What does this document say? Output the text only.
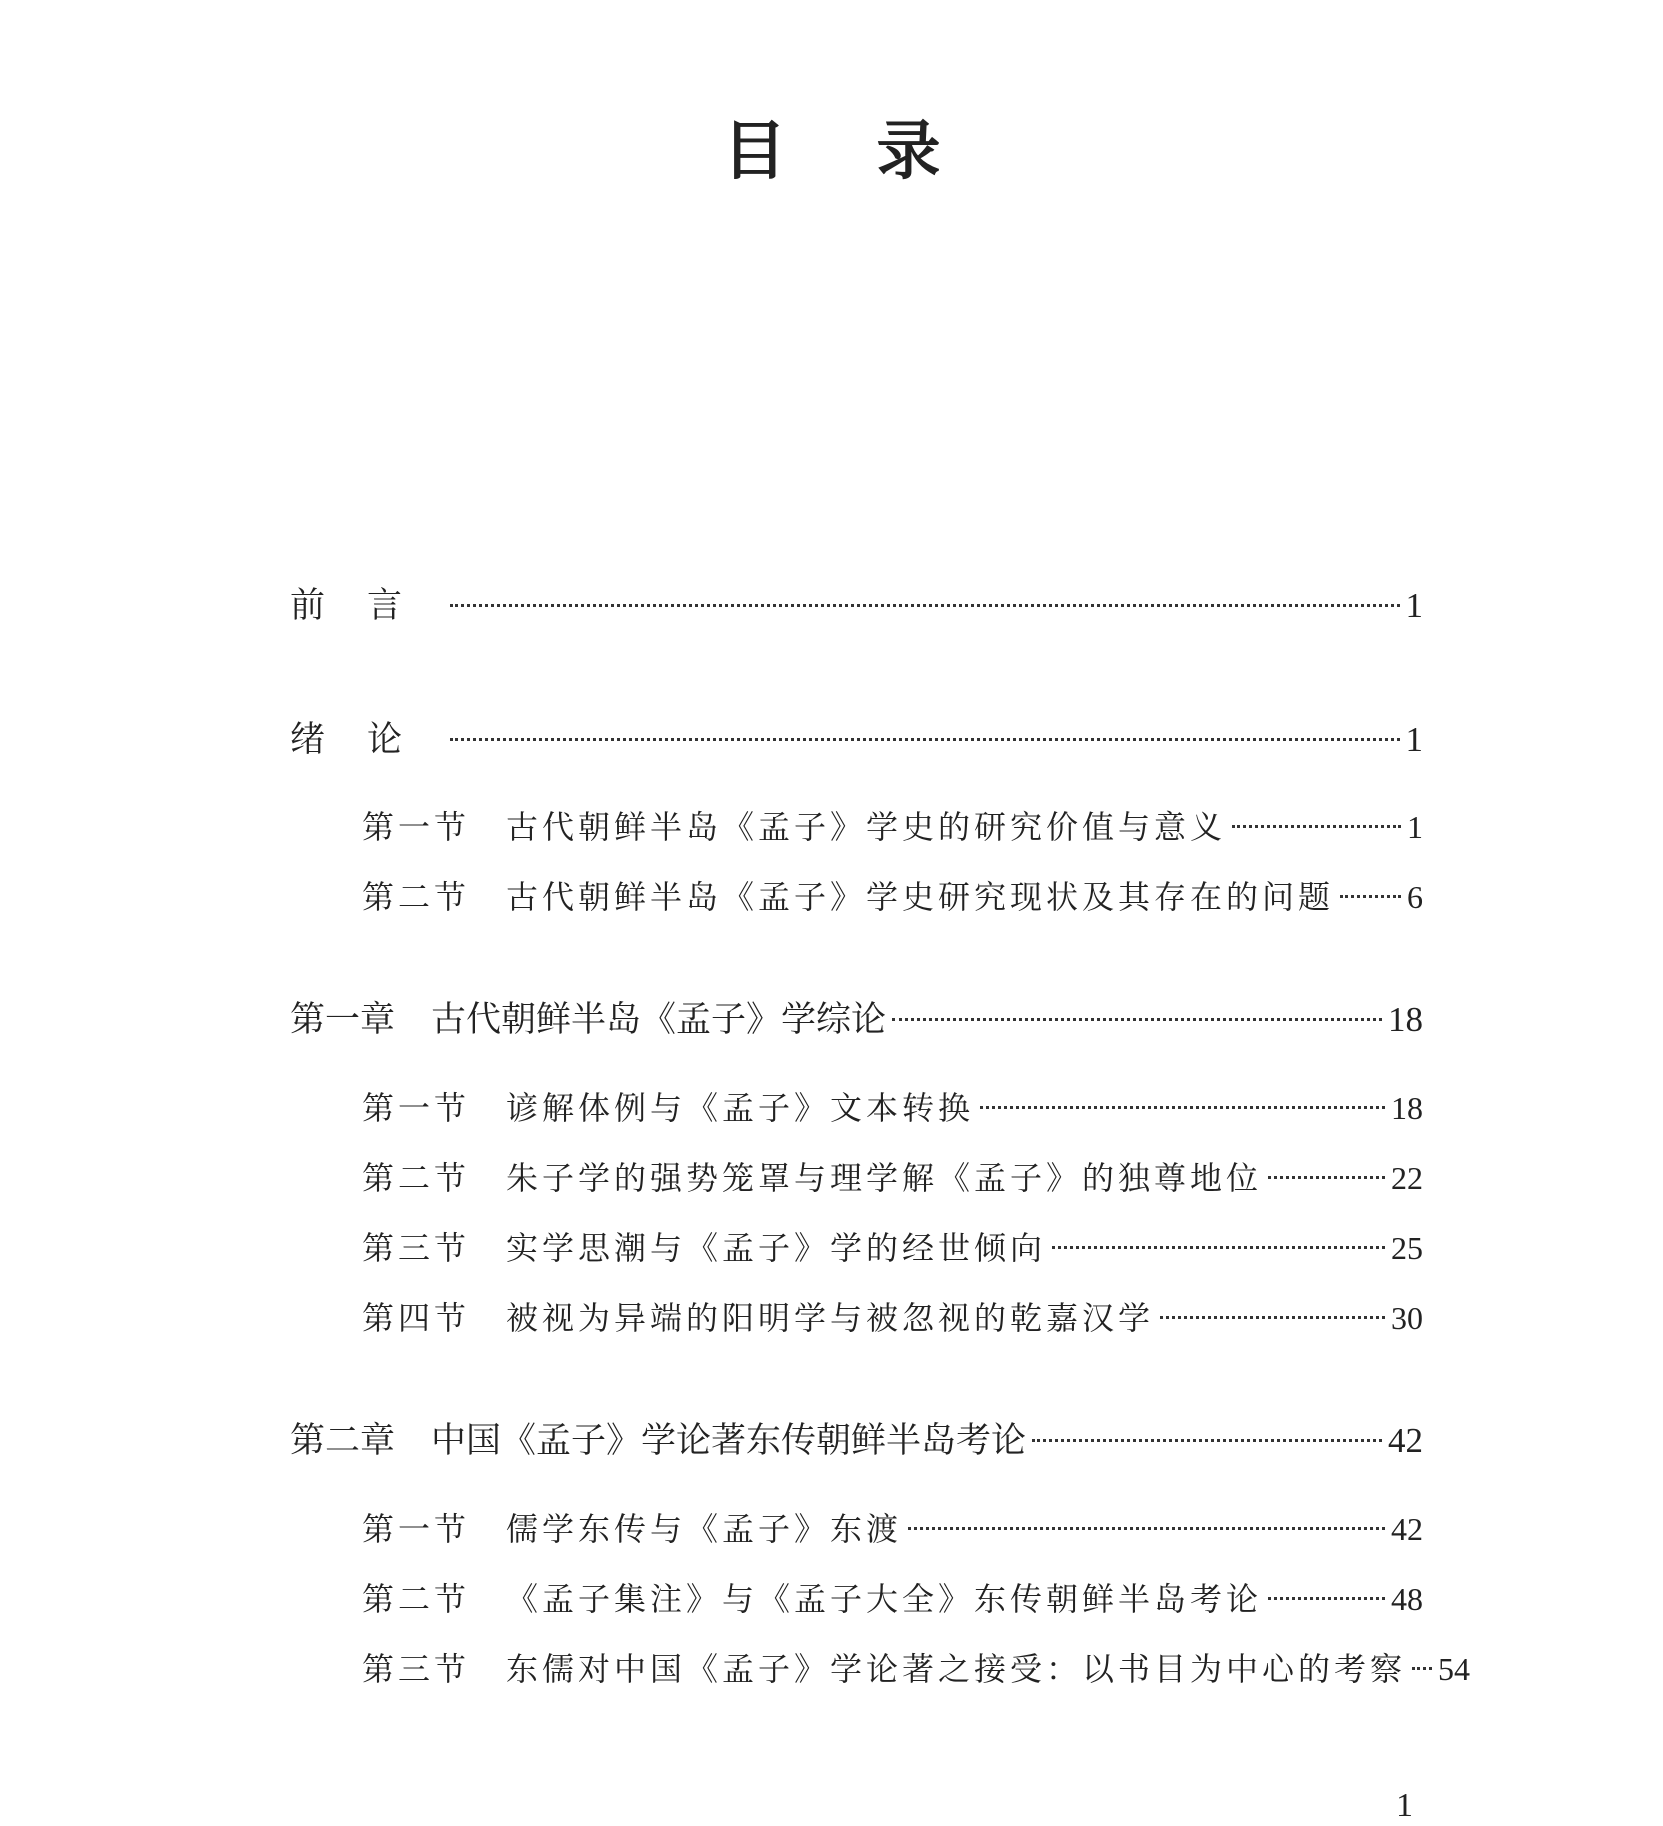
目录
前言	1
绪论	1
第一节 古代朝鲜半岛《孟子》学史的研究价值与意义	1
第二节 古代朝鲜半岛《孟子》学史研究现状及其存在的问题 6
第一章 古代朝鲜半岛《孟子》学综论	18
第一节 谚解体例与《孟子》文本转换	18
第二节 朱子学的强势笼罩与理学解《孟子》的独尊地位	22
第三节 实学思潮与《孟子》学的经世倾向	25
第四节 被视为异端的阳明学与被忽视的乾嘉汉学	30
第二章 中国《孟子》学论著东传朝鲜半岛考论	42
第一节 儒学东传与《孟子》东渡	42
第二节 《孟子集注》与《孟子大全》东传朝鲜半岛考论	48
第三节 东儒对中国《孟子》学论著之接受：以书目为中心的考察 54
1
